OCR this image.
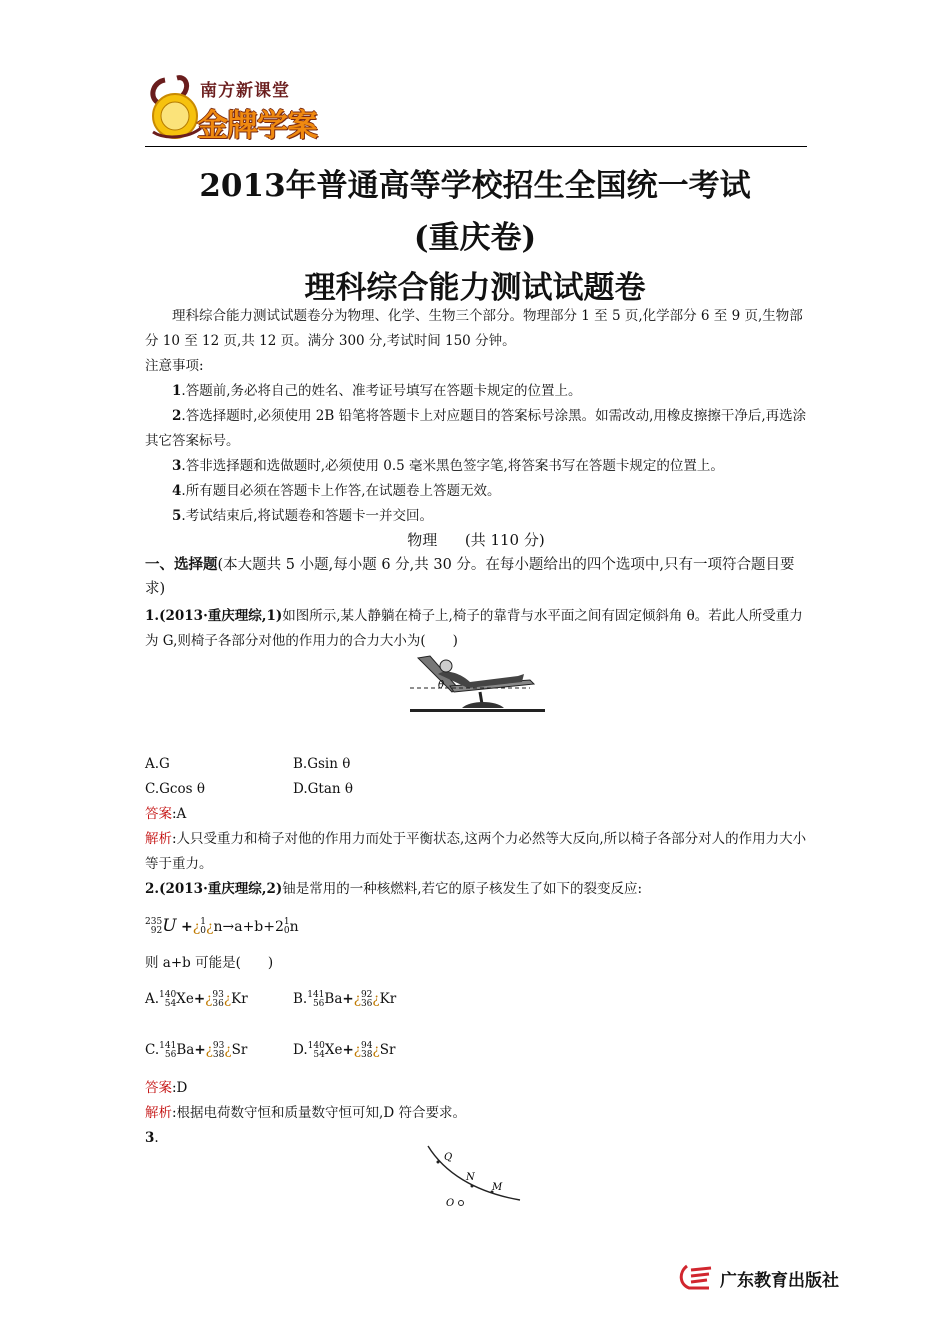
南方新课堂
金牌学案
2013年普通高等学校招生全国统一考试
(重庆卷)
理科综合能力测试试题卷
理科综合能力测试试题卷分为物理、化学、生物三个部分。物理部分 1 至 5 页,化学部分 6 至 9 页,生物部分 10 至 12 页,共 12 页。满分 300 分,考试时间 150 分钟。
注意事项:
1.答题前,务必将自己的姓名、准考证号填写在答题卡规定的位置上。
2.答选择题时,必须使用 2B 铅笔将答题卡上对应题目的答案标号涂黑。如需改动,用橡皮擦擦干净后,再选涂其它答案标号。
3.答非选择题和选做题时,必须使用 0.5 毫米黑色签字笔,将答案书写在答题卡规定的位置上。
4.所有题目必须在答题卡上作答,在试题卷上答题无效。
5.考试结束后,将试题卷和答题卡一并交回。
物理 (共 110 分)
一、选择题(本大题共 5 小题,每小题 6 分,共 30 分。在每小题给出的四个选项中,只有一项符合题目要求)
1.(2013·重庆理综,1)如图所示,某人静躺在椅子上,椅子的靠背与水平面之间有固定倾斜角 θ。若此人所受重力为 G,则椅子各部分对他的作用力的合力大小为(　　)
θ
A.G	B.Gsin θ
C.Gcos θ	D.Gtan θ
答案:A
解析:人只受重力和椅子对他的作用力而处于平衡状态,这两个力必然等大反向,所以椅子各部分对人的作用力大小等于重力。
2.(2013·重庆理综,2)铀是常用的一种核燃料,若它的原子核发生了如下的裂变反应:
235
92 U +¿ 1
0 ¿n→a+b+2 1
0 n
则 a+b 可能是(　　)
A. 140
54 Xe+¿ 93
36 ¿Kr	B. 141
56 Ba+¿ 92
36 ¿Kr
C. 141
56 Ba+¿ 93
38 ¿Sr	D. 140
54 Xe+¿ 94
38 ¿Sr
答案:D
解析:根据电荷数守恒和质量数守恒可知,D 符合要求。
3.
Q
N
M
O
广东教育出版社
